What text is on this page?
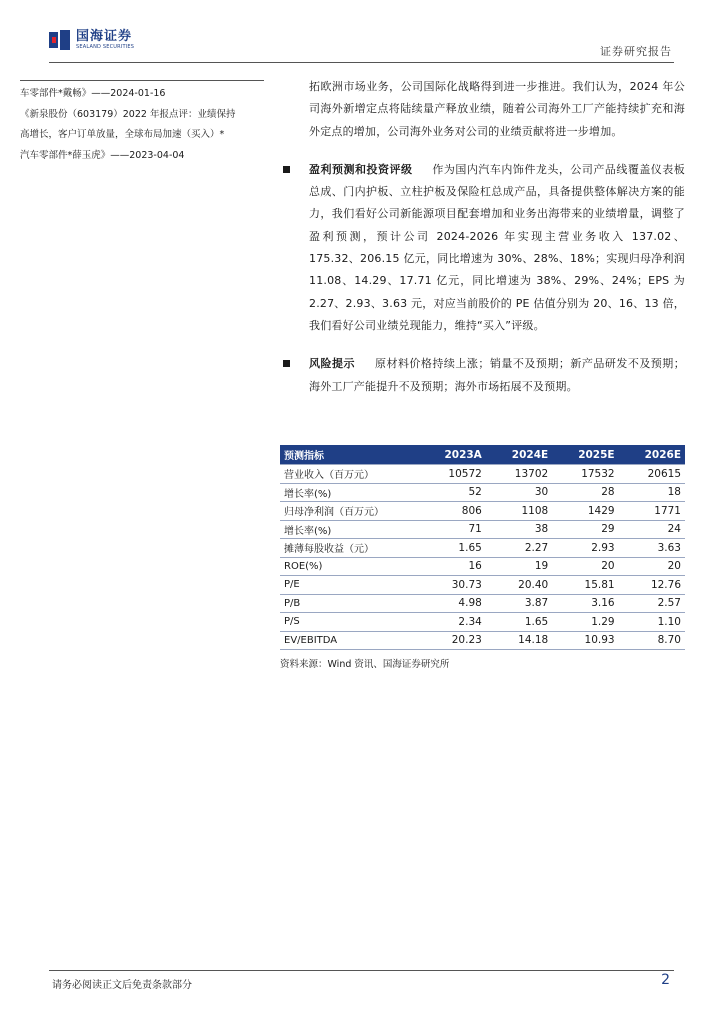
国海证券
SEALAND SECURITIES	证券研究报告

车零部件*戴畅》——2024-01-16

《新泉股份（603179）2022 年报点评：业绩保持

高增长，客户订单放量，全球布局加速（买入）*

汽车零部件*薛玉虎》——2023-04-04

拓欧洲市场业务，公司国际化战略得到进一步推进。我们认为，2024 年公司海外新增定点将陆续量产释放业绩，随着公司海外工厂产能持续扩充和海外定点的增加，公司海外业务对公司的业绩贡献将进一步增加。

盈利预测和投资评级 作为国内汽车内饰件龙头，公司产品线覆盖仪表板总成、门内护板、立柱护板及保险杠总成产品，具备提供整体解决方案的能力，我们看好公司新能源项目配套增加和业务出海带来的业绩增量，调整了盈利预测，预计公司 2024-2026 年实现主营业务收入 137.02、175.32、206.15 亿元，同比增速为 30%、28%、18%；实现归母净利润 11.08、14.29、17.71 亿元，同比增速为 38%、29%、24%；EPS 为 2.27、2.93、3.63 元，对应当前股价的 PE 估值分别为 20、16、13 倍，我们看好公司业绩兑现能力，维持“买入”评级。

风险提示 原材料价格持续上涨；销量不及预期；新产品研发不及预期；海外工厂产能提升不及预期；海外市场拓展不及预期。

预测指标	2023A	2024E	2025E	2026E
营业收入（百万元）	10572	13702	17532	20615
增长率(%)	52	30	28	18
归母净利润（百万元）	806	1108	1429	1771
增长率(%)	71	38	29	24
摊薄每股收益（元）	1.65	2.27	2.93	3.63
ROE(%)	16	19	20	20
P/E	30.73	20.40	15.81	12.76
P/B	4.98	3.87	3.16	2.57
P/S	2.34	1.65	1.29	1.10
EV/EBITDA	20.23	14.18	10.93	8.70
资料来源：Wind 资讯、国海证券研究所
请务必阅读正文后免责条款部分	2
